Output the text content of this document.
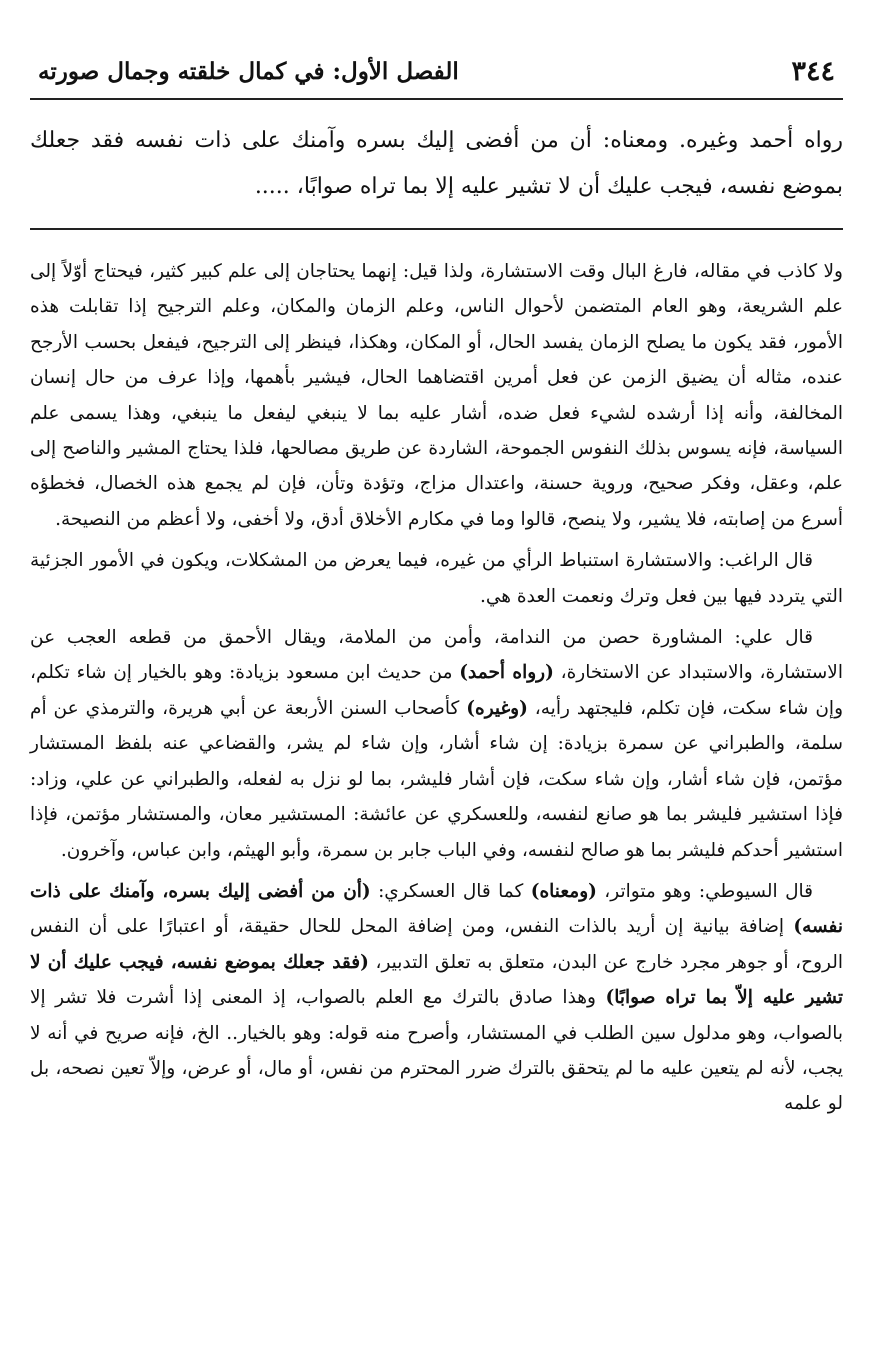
الفصل الأول: في كمال خلقته وجمال صورته	٣٤٤
رواه أحمد وغيره. ومعناه: أن من أفضى إليك بسره وآمنك على ذات نفسه فقد جعلك بموضع نفسه، فيجب عليك أن لا تشير عليه إلا بما تراه صوابًا، .....

ولا كاذب في مقاله، فارغ البال وقت الاستشارة، ولذا قيل: إنهما يحتاجان إلى علم كبير كثير، فيحتاج أوّلاً إلى علم الشريعة، وهو العام المتضمن لأحوال الناس، وعلم الزمان والمكان، وعلم الترجيح إذا تقابلت هذه الأمور، فقد يكون ما يصلح الزمان يفسد الحال، أو المكان، وهكذا، فينظر إلى الترجيح، فيفعل بحسب الأرجح عنده، مثاله أن يضيق الزمن عن فعل أمرين اقتضاهما الحال، فيشير بأهمها، وإذا عرف من حال إنسان المخالفة، وأنه إذا أرشده لشيء فعل ضده، أشار عليه بما لا ينبغي ليفعل ما ينبغي، وهذا يسمى علم السياسة، فإنه يسوس بذلك النفوس الجموحة، الشاردة عن طريق مصالحها، فلذا يحتاج المشير والناصح إلى علم، وعقل، وفكر صحيح، وروية حسنة، واعتدال مزاج، وتؤدة وتأن، فإن لم يجمع هذه الخصال، فخطؤه أسرع من إصابته، فلا يشير، ولا ينصح، قالوا وما في مكارم الأخلاق أدق، ولا أخفى، ولا أعظم من النصيحة.

قال الراغب: والاستشارة استنباط الرأي من غيره، فيما يعرض من المشكلات، ويكون في الأمور الجزئية التي يتردد فيها بين فعل وترك ونعمت العدة هي.

قال علي: المشاورة حصن من الندامة، وأمن من الملامة، ويقال الأحمق من قطعه العجب عن الاستشارة، والاستبداد عن الاستخارة، (رواه أحمد) من حديث ابن مسعود بزيادة: وهو بالخيار إن شاء تكلم، وإن شاء سكت، فإن تكلم، فليجتهد رأيه، (وغيره) كأصحاب السنن الأربعة عن أبي هريرة، والترمذي عن أم سلمة، والطبراني عن سمرة بزيادة: إن شاء أشار، وإن شاء لم يشر، والقضاعي عنه بلفظ المستشار مؤتمن، فإن شاء أشار، وإن شاء سكت، فإن أشار فليشر، بما لو نزل به لفعله، والطبراني عن علي، وزاد: فإذا استشير فليشر بما هو صانع لنفسه، وللعسكري عن عائشة: المستشير معان، والمستشار مؤتمن، فإذا استشير أحدكم فليشر بما هو صالح لنفسه، وفي الباب جابر بن سمرة، وأبو الهيثم، وابن عباس، وآخرون.

قال السيوطي: وهو متواتر، (ومعناه) كما قال العسكري: (أن من أفضى إليك بسره، وآمنك على ذات نفسه) إضافة بيانية إن أريد بالذات النفس، ومن إضافة المحل للحال حقيقة، أو اعتبارًا على أن النفس الروح، أو جوهر مجرد خارج عن البدن، متعلق به تعلق التدبير، (فقد جعلك بموضع نفسه، فيجب عليك أن لا تشير عليه إلاّ بما تراه صوابًا) وهذا صادق بالترك مع العلم بالصواب، إذ المعنى إذا أشرت فلا تشر إلا بالصواب، وهو مدلول سين الطلب في المستشار، وأصرح منه قوله: وهو بالخيار.. الخ، فإنه صريح في أنه لا يجب، لأنه لم يتعين عليه ما لم يتحقق بالترك ضرر المحترم من نفس، أو مال، أو عرض، وإلاّ تعين نصحه، بل لو علمه
